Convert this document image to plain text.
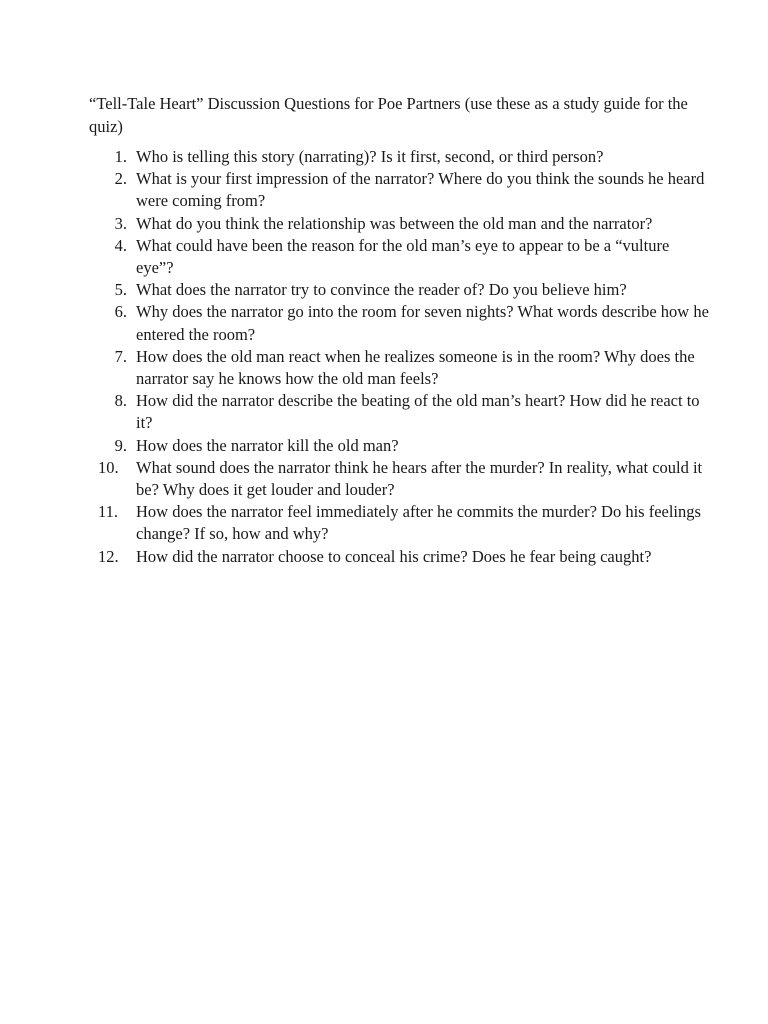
“Tell-Tale Heart” Discussion Questions for Poe Partners (use these as a study guide for the quiz)

1. Who is telling this story (narrating)? Is it first, second, or third person?
2. What is your first impression of the narrator? Where do you think the sounds he heard were coming from?
3. What do you think the relationship was between the old man and the narrator?
4. What could have been the reason for the old man’s eye to appear to be a “vulture eye”?
5. What does the narrator try to convince the reader of? Do you believe him?
6. Why does the narrator go into the room for seven nights? What words describe how he entered the room?
7. How does the old man react when he realizes someone is in the room? Why does the narrator say he knows how the old man feels?
8. How did the narrator describe the beating of the old man’s heart? How did he react to it?
9. How does the narrator kill the old man?
10.	What sound does the narrator think he hears after the murder? In reality, what could it be? Why does it get louder and louder?
11.	How does the narrator feel immediately after he commits the murder? Do his feelings change? If so, how and why?
12.	How did the narrator choose to conceal his crime? Does he fear being caught?
